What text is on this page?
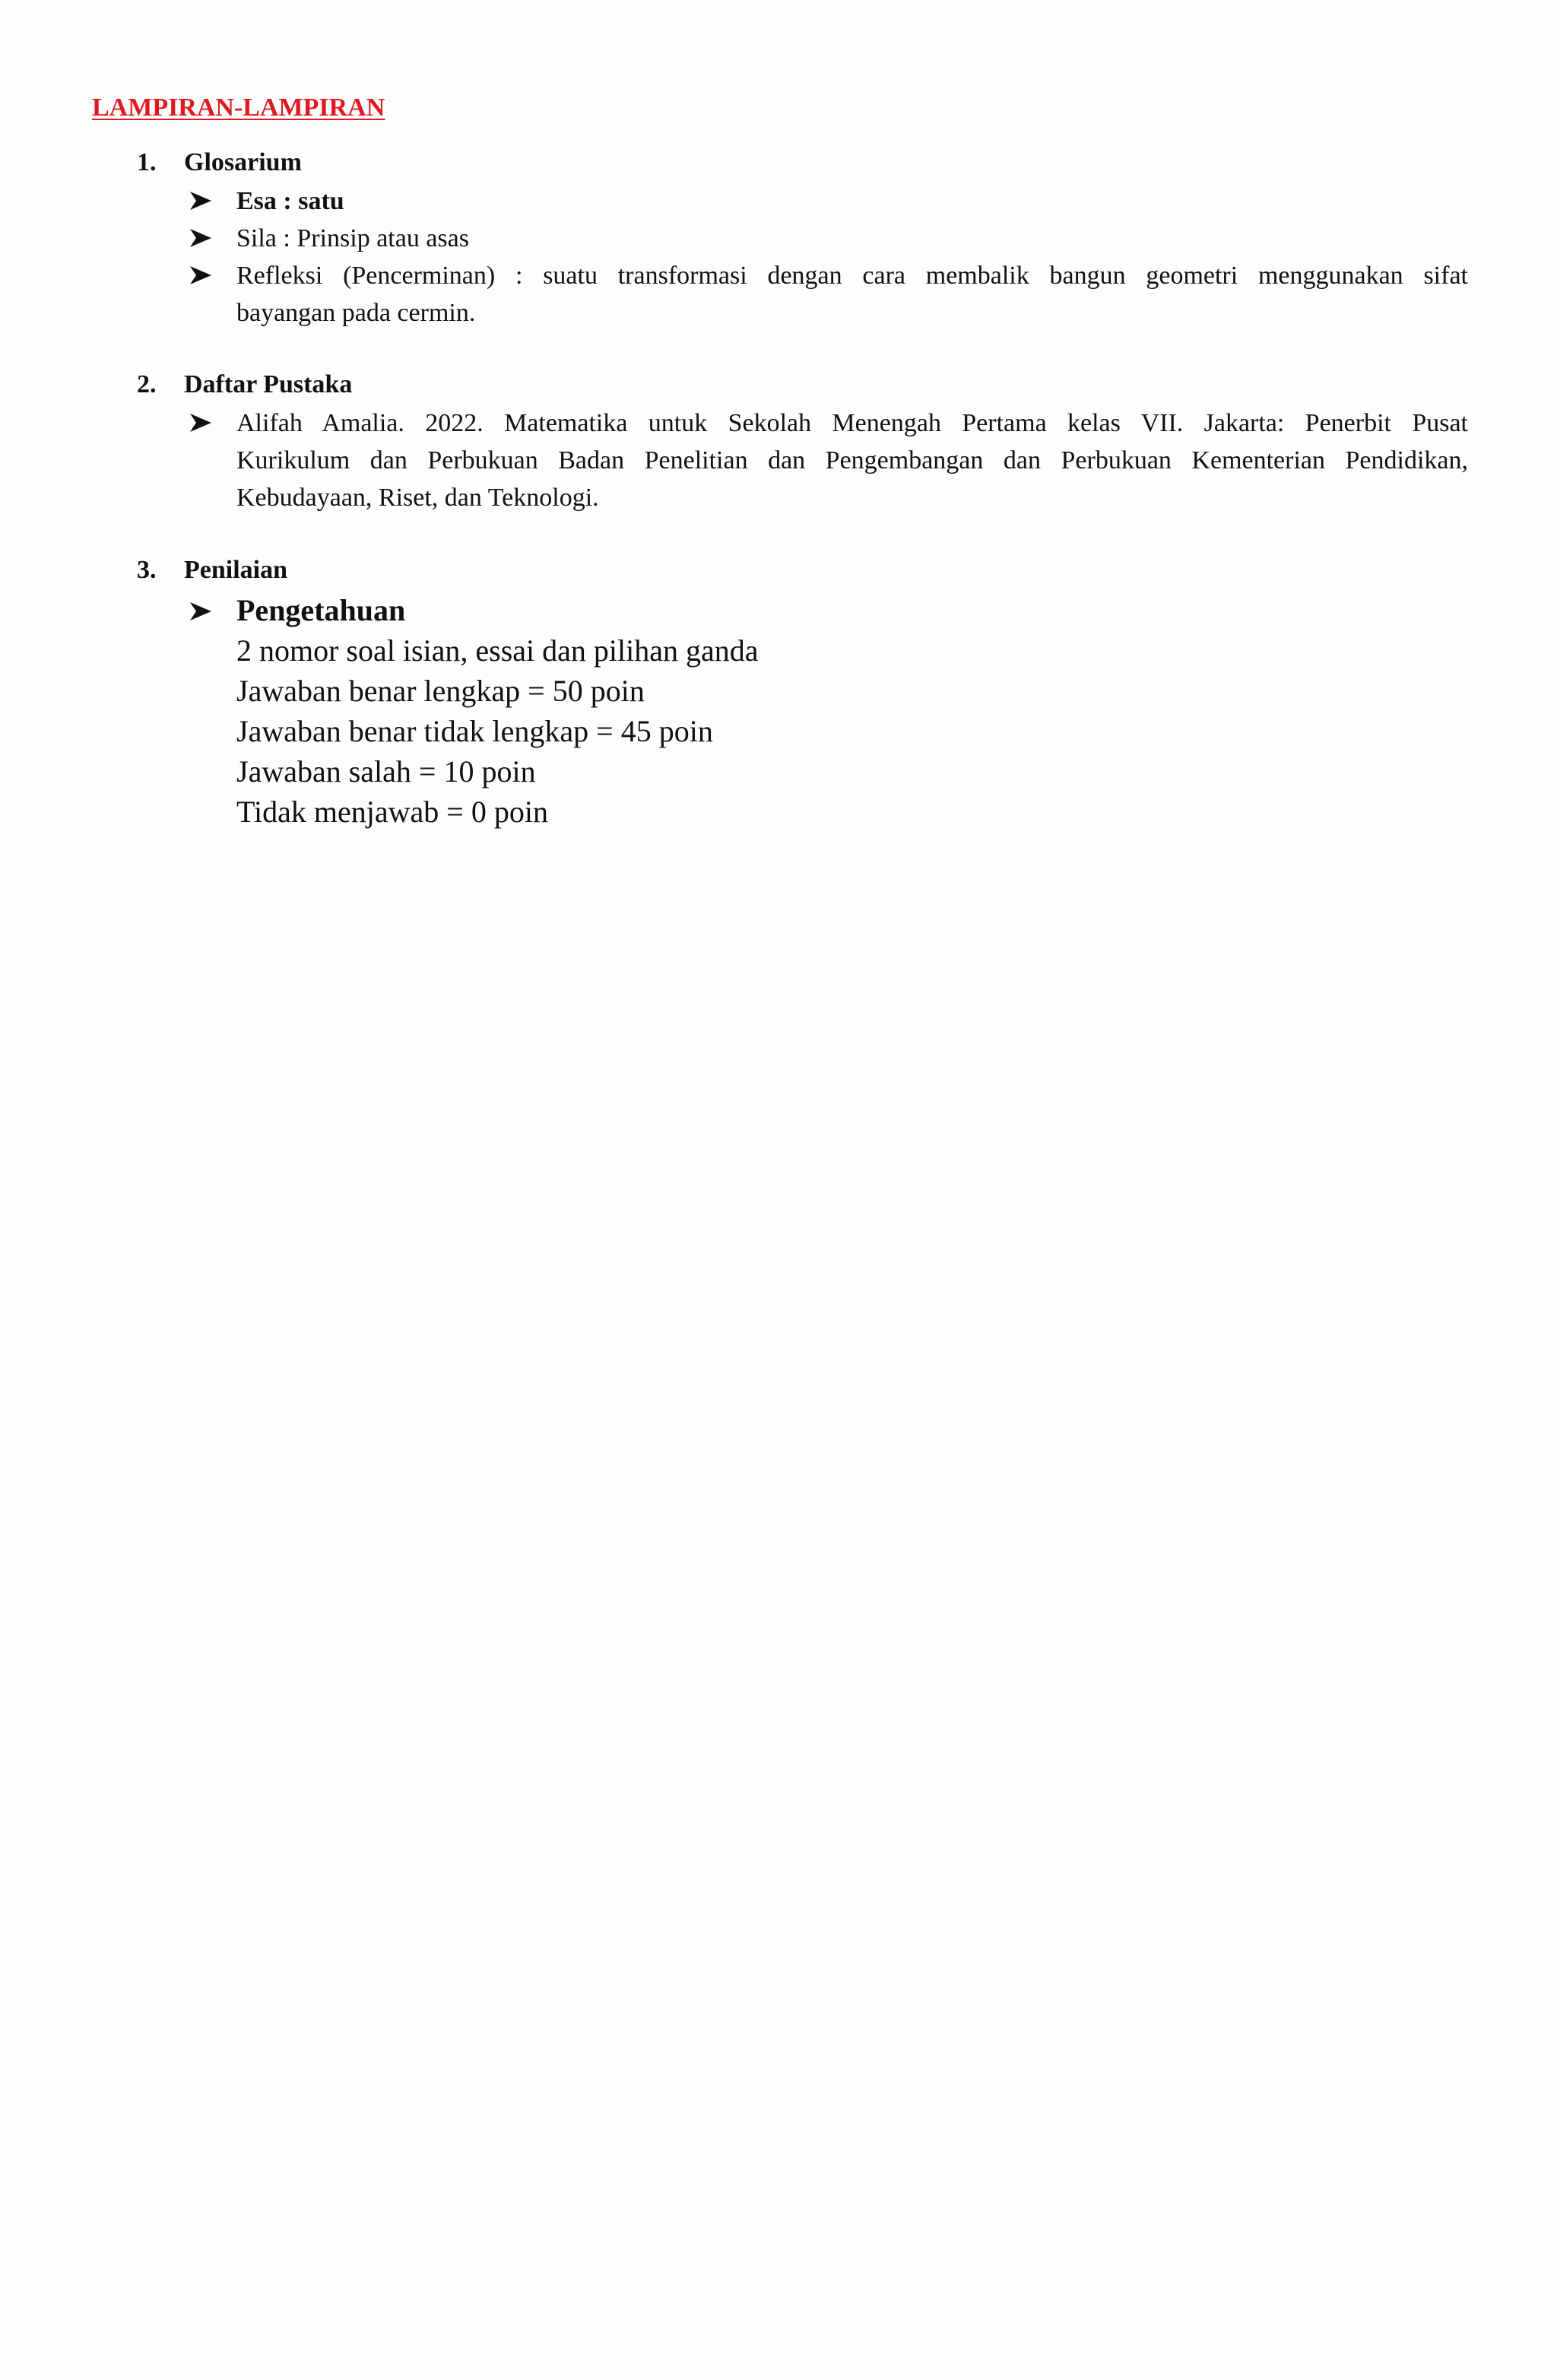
LAMPIRAN-LAMPIRAN
1. Glosarium
Esa : satu
Sila : Prinsip atau asas
Refleksi (Pencerminan) : suatu transformasi dengan cara membalik bangun geometri menggunakan sifat
bayangan pada cermin.
2. Daftar Pustaka
Alifah Amalia. 2022. Matematika untuk Sekolah Menengah Pertama kelas VII. Jakarta: Penerbit Pusat
Kurikulum dan Perbukuan Badan Penelitian dan Pengembangan dan Perbukuan Kementerian Pendidikan,
Kebudayaan, Riset, dan Teknologi.
3. Penilaian
Pengetahuan
2 nomor soal isian, essai dan pilihan ganda
Jawaban benar lengkap = 50 poin
Jawaban benar tidak lengkap = 45 poin
Jawaban salah = 10 poin
Tidak menjawab = 0 poin
